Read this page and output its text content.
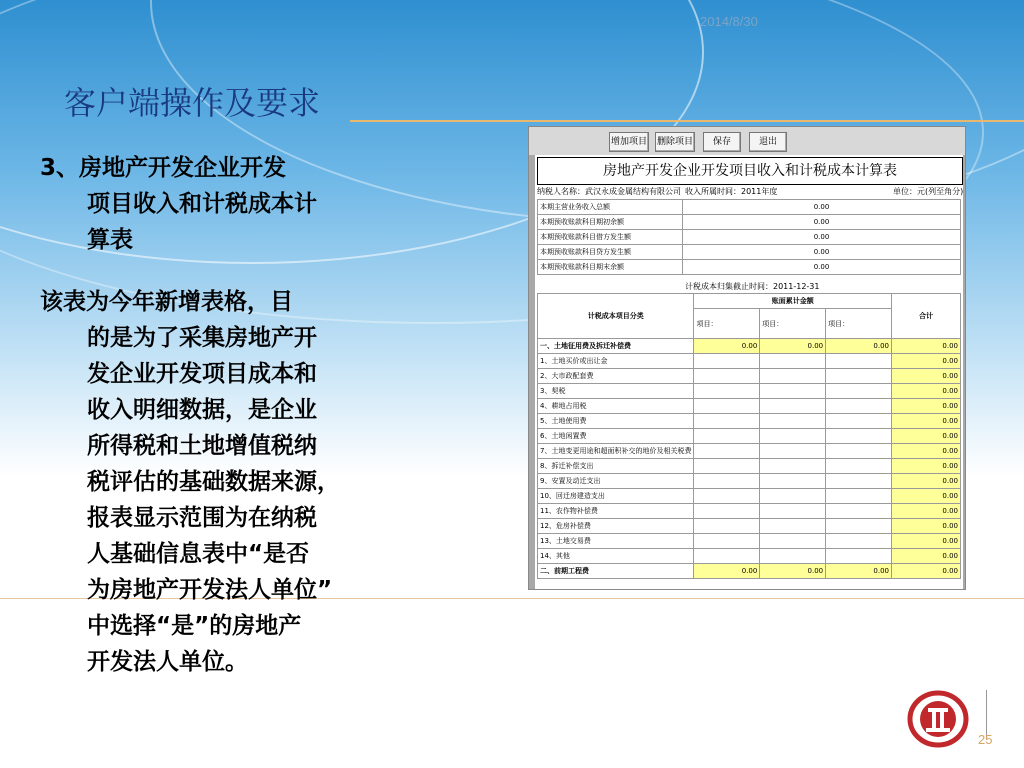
2014/8/30
客户端操作及要求
3、房地产开发企业开发
项目收入和计税成本计
算表
该表为今年新增表格，目
的是为了采集房地产开
发企业开发项目成本和
收入明细数据，是企业
所得税和土地增值税纳
税评估的基础数据来源，
报表显示范围为在纳税
人基础信息表中“是否
为房地产开发法人单位”
中选择“是”的房地产
开发法人单位。
增加项目 删除项目	保存	退出
房地产开发企业开发项目收入和计税成本计算表
纳税人名称：武汉永成金属结构有限公司 收入所属时间：2011年度	单位：元(列至角分)
本期主营业务收入总额	0.00
本期预收账款科目期初余额	0.00
本期预收账款科目借方发生额	0.00
本期预收账款科目贷方发生额	0.00
本期预收账款科目期末余额	0.00
计税成本归集截止时间：2011-12-31
计税成本项目分类	账面累计金额			合计
	项目：	项目：	项目：	
一、土地征用费及拆迁补偿费	0.00	0.00	0.00	0.00
1、土地买价或出让金				0.00
2、大市政配套费				0.00
3、契税				0.00
4、耕地占用税				0.00
5、土地使用费				0.00
6、土地闲置费				0.00
7、土地变更用途和超面积补交的地价及相关税费				0.00
8、拆迁补偿支出				0.00
9、安置及动迁支出				0.00
10、回迁房建造支出				0.00
11、农作物补偿费				0.00
12、危房补偿费				0.00
13、土地交易费				0.00
14、其他				0.00
二、前期工程费	0.00	0.00	0.00	0.00
25
